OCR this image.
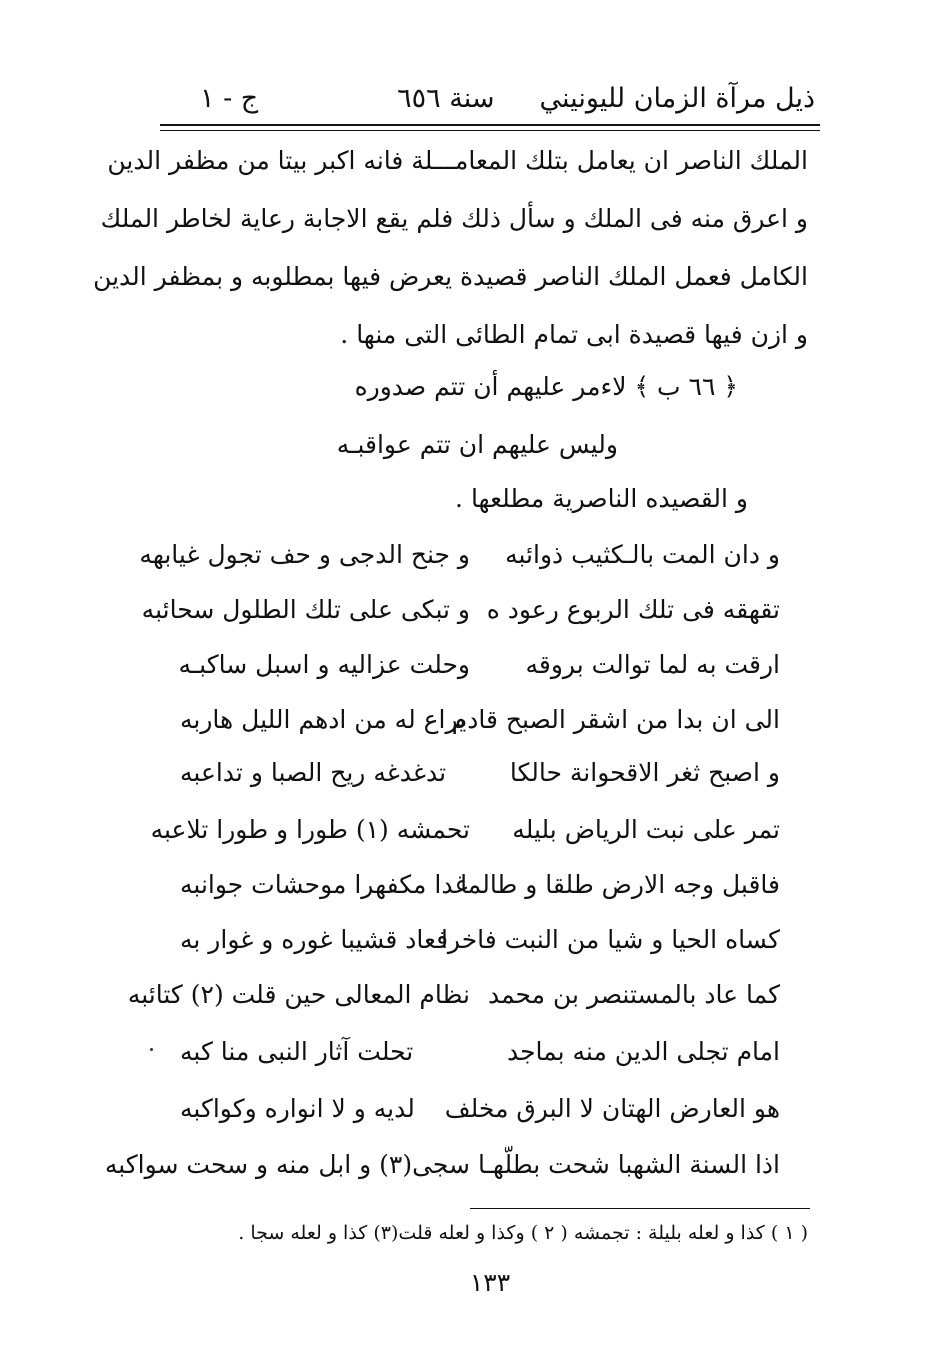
ذيل مرآة الزمان لليونيني
سنة ٦٥٦
ج - ١
الملك الناصر ان يعامل بتلك المعامـــلة فانه اكبر بيتا من مظفر الدين
و اعرق منه فى الملك و سأل ذلك فلم يقع الاجابة رعاية لخاطر الملك
الكامل فعمل الملك الناصر قصيدة يعرض فيها بمطلوبه و بمظفر الدين
و ازن فيها قصيدة ابى تمام الطائى التى منها .
﴿ ٦٦ ب ﴾ لاءمر عليهم أن تتم صدوره
وليس عليهم ان تتم عواقبـه
و القصيده الناصرية مطلعها .
و دان المت بالـكثيب ذوائبه
و جنح الدجى و حف تجول غيابهه
تقهقه فى تلك الربوع رعود ه
و تبكى على تلك الطلول سحائبه
ارقت به لما توالت بروقه
وحلت عزاليه و اسبل ساكبـه
الى ان بدا من اشقر الصبح قادم
يراع له من ادهم الليل هاربه
و اصبح ثغر الاقحوانة حالكا
تدغدغه ريح الصبا و تداعبه
تمر على نبت الرياض بليله
تحمشه (١) طورا و طورا تلاعبه
فاقبل وجه الارض طلقا و طالما
غدا مكفهرا موحشات جوانبه
كساه الحيا و شيا من النبت فاخرا
فعاد قشيبا غوره و غوار به
كما عاد بالمستنصر بن محمد
نظام المعالى حين قلت (٢) كتائبه
امام تجلى الدين منه بماجد
تحلت آثار النبى منا كبه
هو العارض الهتان لا البرق مخلف
لديه و لا انواره وكواكبه
اذا السنة الشهبا شحت بطلّهـا
سجى(٣) و ابل منه و سحت سواكبه
( ١ ) كذا و لعله بليلة : تجمشه ( ٢ ) وكذا و لعله قلت(٣) كذا و لعله سجا .
١٣٣
